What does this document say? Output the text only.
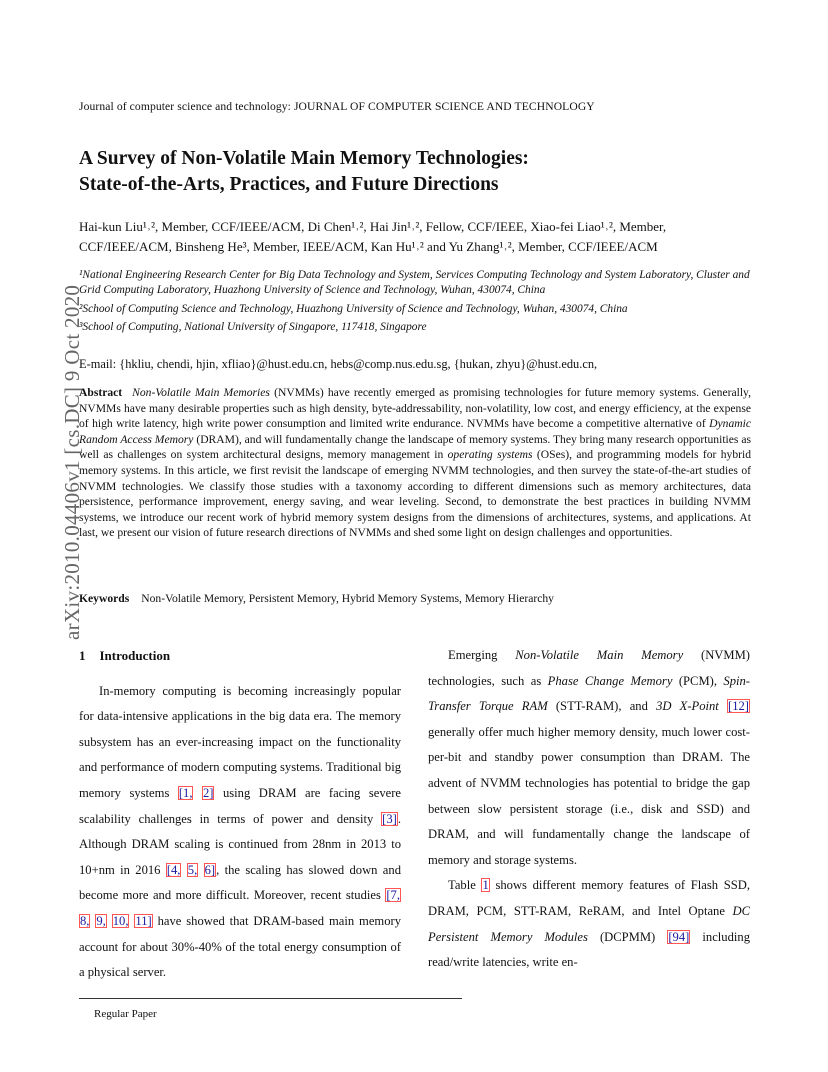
Journal of computer science and technology: JOURNAL OF COMPUTER SCIENCE AND TECHNOLOGY
A Survey of Non-Volatile Main Memory Technologies:
State-of-the-Arts, Practices, and Future Directions
Hai-kun Liu¹˒², Member, CCF/IEEE/ACM, Di Chen¹˒², Hai Jin¹˒², Fellow, CCF/IEEE, Xiao-fei Liao¹˒², Member,
CCF/IEEE/ACM, Binsheng He³, Member, IEEE/ACM, Kan Hu¹˒² and Yu Zhang¹˒², Member, CCF/IEEE/ACM
¹National Engineering Research Center for Big Data Technology and System, Services Computing Technology and System Laboratory, Cluster and Grid Computing Laboratory, Huazhong University of Science and Technology, Wuhan, 430074, China
²School of Computing Science and Technology, Huazhong University of Science and Technology, Wuhan, 430074, China
³School of Computing, National University of Singapore, 117418, Singapore
E-mail: {hkliu, chendi, hjin, xfliao}@hust.edu.cn, hebs@comp.nus.edu.sg, {hukan, zhyu}@hust.edu.cn,
Abstract Non-Volatile Main Memories (NVMMs) have recently emerged as promising technologies for future memory systems. Generally, NVMMs have many desirable properties such as high density, byte-addressability, non-volatility, low cost, and energy efficiency, at the expense of high write latency, high write power consumption and limited write endurance. NVMMs have become a competitive alternative of Dynamic Random Access Memory (DRAM), and will fundamentally change the landscape of memory systems. They bring many research opportunities as well as challenges on system architectural designs, memory management in operating systems (OSes), and programming models for hybrid memory systems. In this article, we first revisit the landscape of emerging NVMM technologies, and then survey the state-of-the-art studies of NVMM technologies. We classify those studies with a taxonomy according to different dimensions such as memory architectures, data persistence, performance improvement, energy saving, and wear leveling. Second, to demonstrate the best practices in building NVMM systems, we introduce our recent work of hybrid memory system designs from the dimensions of architectures, systems, and applications. At last, we present our vision of future research directions of NVMMs and shed some light on design challenges and opportunities.
Keywords Non-Volatile Memory, Persistent Memory, Hybrid Memory Systems, Memory Hierarchy
1 Introduction
In-memory computing is becoming increasingly popular for data-intensive applications in the big data era. The memory subsystem has an ever-increasing impact on the functionality and performance of modern computing systems. Traditional big memory systems [1, 2] using DRAM are facing severe scalability challenges in terms of power and density [3]. Although DRAM scaling is continued from 28nm in 2013 to 10+nm in 2016 [4, 5, 6], the scaling has slowed down and become more and more difficult. Moreover, recent studies [7, 8, 9, 10, 11] have showed that DRAM-based main memory account for about 30%-40% of the total energy consumption of a physical server.
Emerging Non-Volatile Main Memory (NVMM) technologies, such as Phase Change Memory (PCM), Spin-Transfer Torque RAM (STT-RAM), and 3D X-Point [12] generally offer much higher memory density, much lower cost-per-bit and standby power consumption than DRAM. The advent of NVMM technologies has potential to bridge the gap between slow persistent storage (i.e., disk and SSD) and DRAM, and will fundamentally change the landscape of memory and storage systems.
Table 1 shows different memory features of Flash SSD, DRAM, PCM, STT-RAM, ReRAM, and Intel Optane DC Persistent Memory Modules (DCPMM) [94] including read/write latencies, write en-
Regular Paper
arXiv:2010.04406v1 [cs.DC] 9 Oct 2020
